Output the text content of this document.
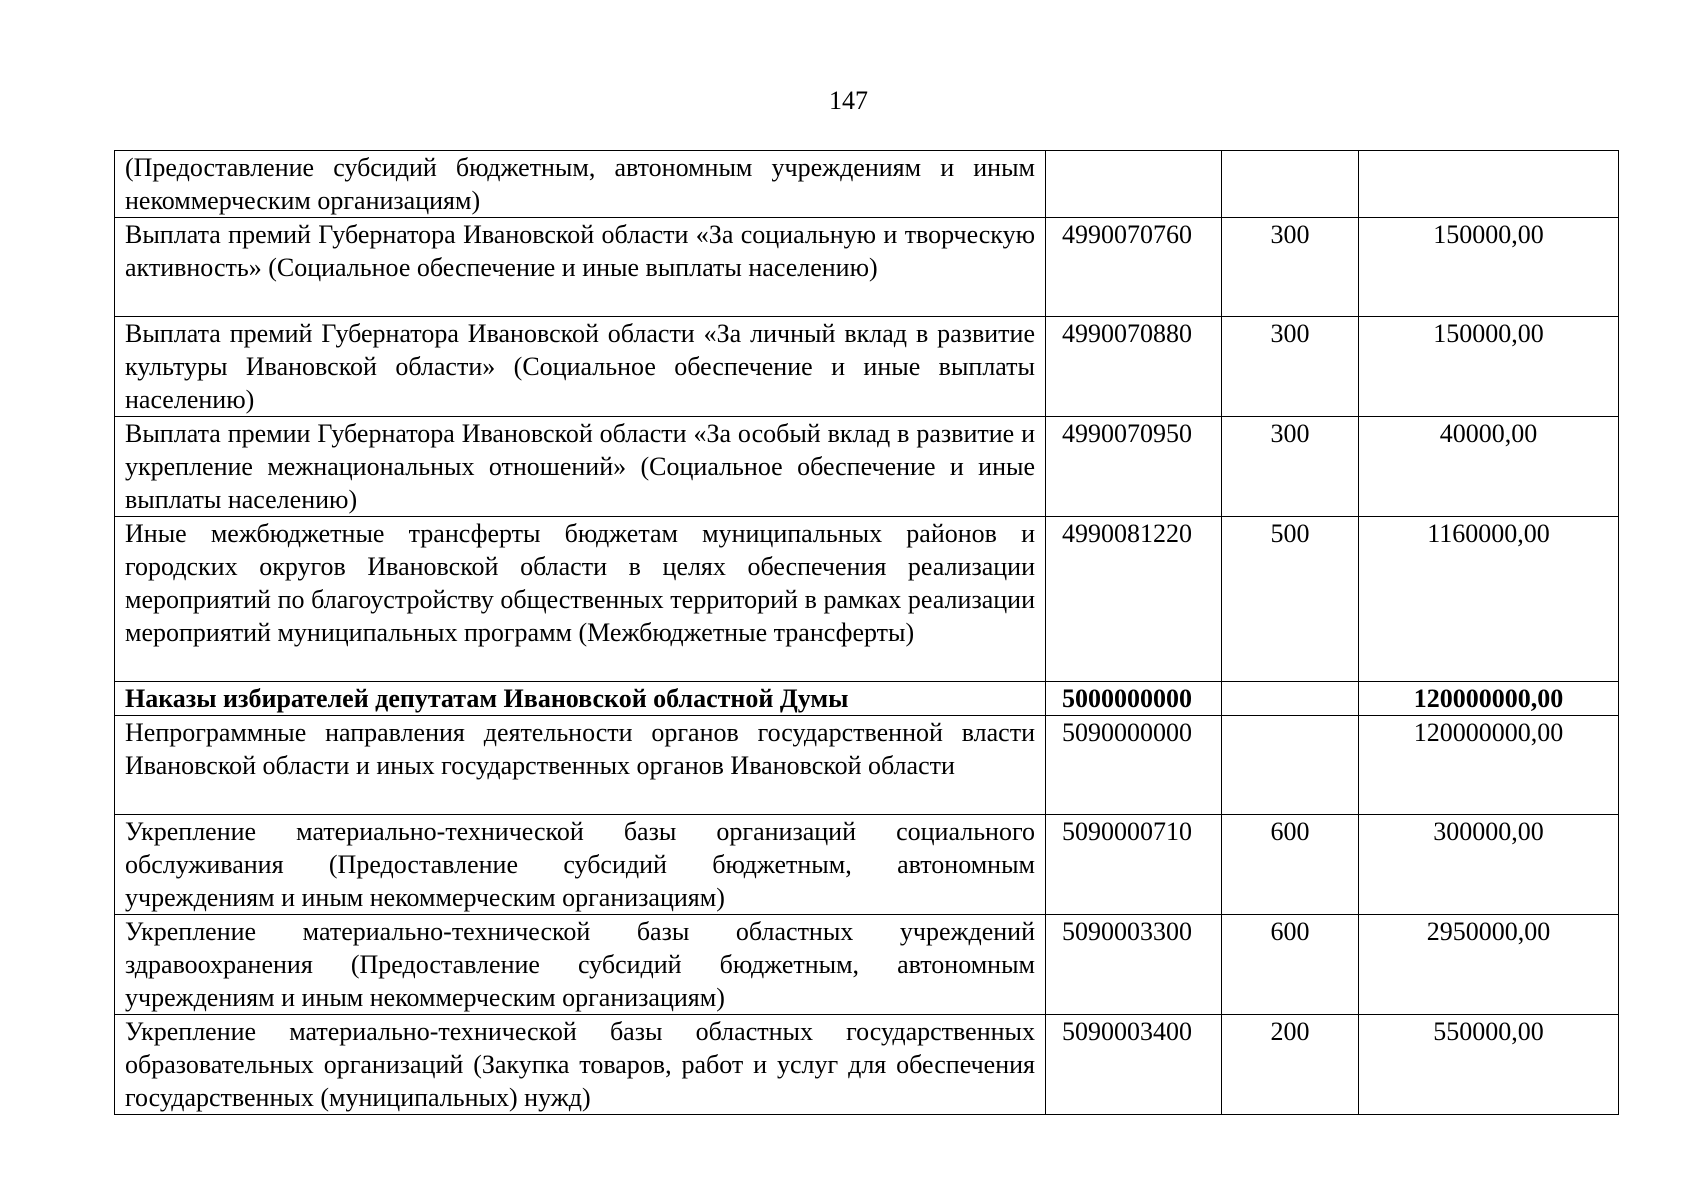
147
(Предоставление субсидий бюджетным, автономным учреждениям и иным некоммерческим организациям)			
Выплата премий Губернатора Ивановской области «За социальную и творческую активность» (Социальное обеспечение и иные выплаты населению)	4990070760	300	150000,00
Выплата премий Губернатора Ивановской области «За личный вклад в развитие культуры Ивановской области» (Социальное обеспечение и иные выплаты населению)	4990070880	300	150000,00
Выплата премии Губернатора Ивановской области «За особый вклад в развитие и укрепление межнациональных отношений» (Социальное обеспечение и иные выплаты населению)	4990070950	300	40000,00
Иные межбюджетные трансферты бюджетам муниципальных районов и городских округов Ивановской области в целях обеспечения реализации мероприятий по благоустройству общественных территорий в рамках реализации мероприятий муниципальных программ (Межбюджетные трансферты)	4990081220	500	1160000,00
Наказы избирателей депутатам Ивановской областной Думы	5000000000		120000000,00
Непрограммные направления деятельности органов государственной власти Ивановской области и иных государственных органов Ивановской области	5090000000		120000000,00
Укрепление материально-технической базы организаций социального обслуживания (Предоставление субсидий бюджетным, автономным учреждениям и иным некоммерческим организациям)	5090000710	600	300000,00
Укрепление материально-технической базы областных учреждений здравоохранения (Предоставление субсидий бюджетным, автономным учреждениям и иным некоммерческим организациям)	5090003300	600	2950000,00
Укрепление материально-технической базы областных государственных образовательных организаций (Закупка товаров, работ и услуг для обеспечения государственных (муниципальных) нужд)	5090003400	200	550000,00
